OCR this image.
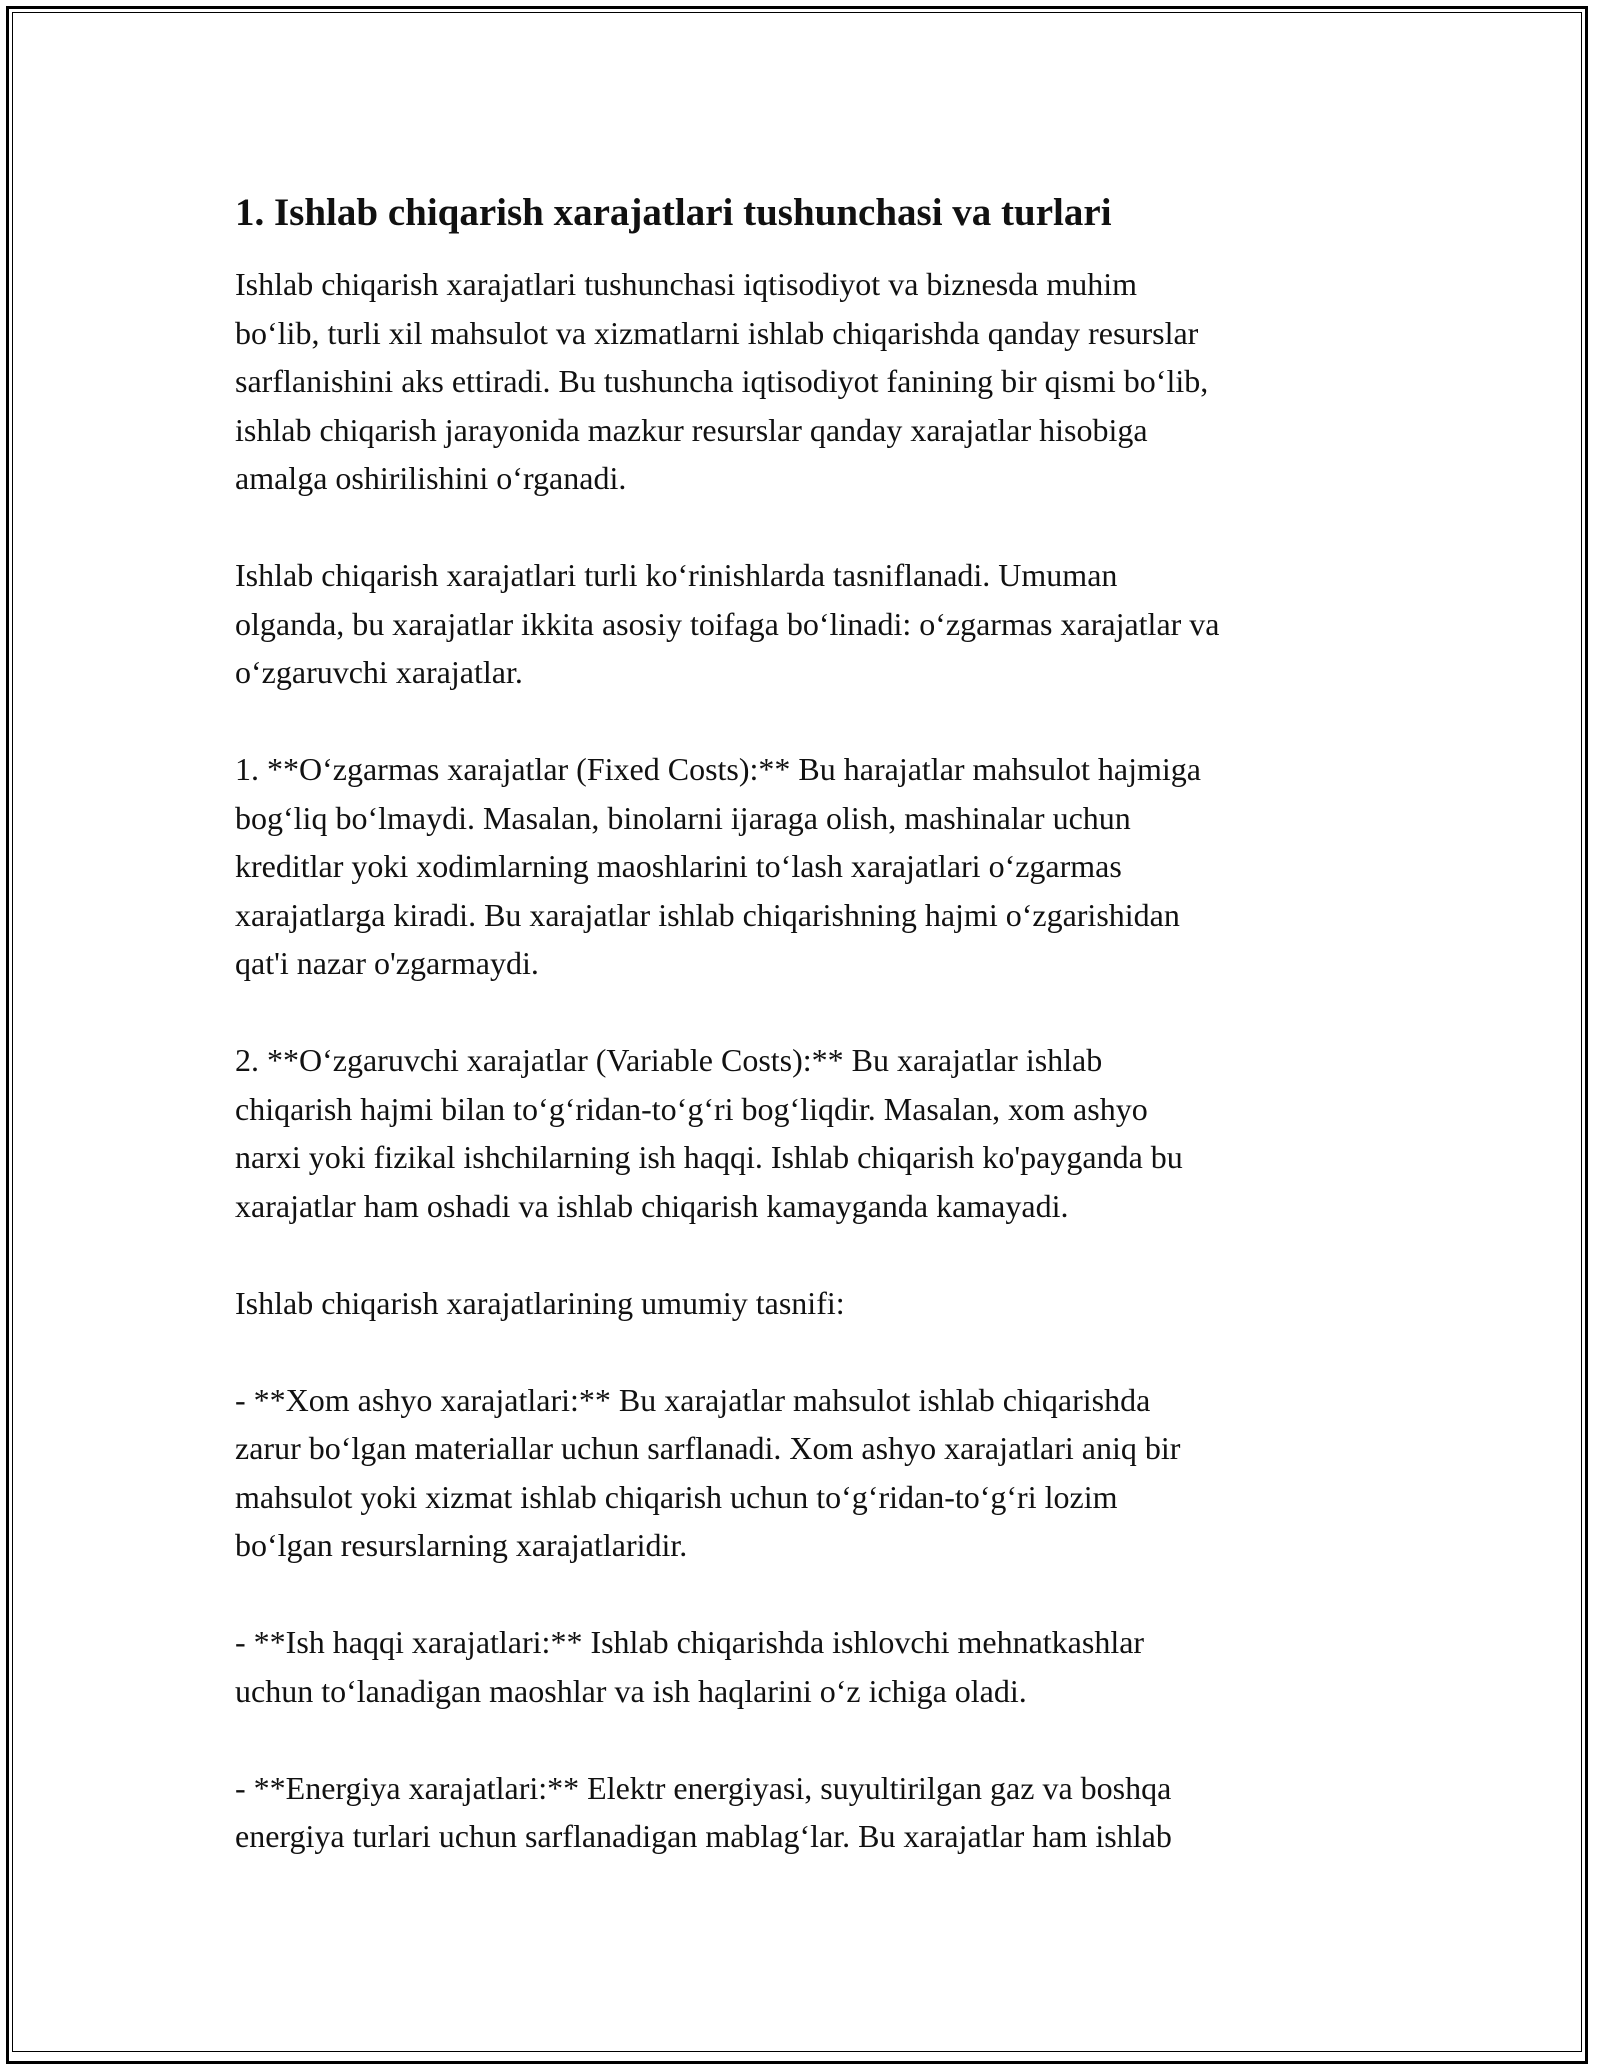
1. Ishlab chiqarish xarajatlari tushunchasi va turlari

Ishlab chiqarish xarajatlari tushunchasi iqtisodiyot va biznesda muhim
bo‘lib, turli xil mahsulot va xizmatlarni ishlab chiqarishda qanday resurslar
sarflanishini aks ettiradi. Bu tushuncha iqtisodiyot fanining bir qismi bo‘lib,
ishlab chiqarish jarayonida mazkur resurslar qanday xarajatlar hisobiga
amalga oshirilishini o‘rganadi.

Ishlab chiqarish xarajatlari turli ko‘rinishlarda tasniflanadi. Umuman
olganda, bu xarajatlar ikkita asosiy toifaga bo‘linadi: o‘zgarmas xarajatlar va
o‘zgaruvchi xarajatlar.

1. **O‘zgarmas xarajatlar (Fixed Costs):** Bu harajatlar mahsulot hajmiga
bog‘liq bo‘lmaydi. Masalan, binolarni ijaraga olish, mashinalar uchun
kreditlar yoki xodimlarning maoshlarini to‘lash xarajatlari o‘zgarmas
xarajatlarga kiradi. Bu xarajatlar ishlab chiqarishning hajmi o‘zgarishidan
qat'i nazar o'zgarmaydi.

2. **O‘zgaruvchi xarajatlar (Variable Costs):** Bu xarajatlar ishlab
chiqarish hajmi bilan to‘g‘ridan-to‘g‘ri bog‘liqdir. Masalan, xom ashyo
narxi yoki fizikal ishchilarning ish haqqi. Ishlab chiqarish ko'payganda bu
xarajatlar ham oshadi va ishlab chiqarish kamayganda kamayadi.

Ishlab chiqarish xarajatlarining umumiy tasnifi:

- **Xom ashyo xarajatlari:** Bu xarajatlar mahsulot ishlab chiqarishda
zarur bo‘lgan materiallar uchun sarflanadi. Xom ashyo xarajatlari aniq bir
mahsulot yoki xizmat ishlab chiqarish uchun to‘g‘ridan-to‘g‘ri lozim
bo‘lgan resurslarning xarajatlaridir.

- **Ish haqqi xarajatlari:** Ishlab chiqarishda ishlovchi mehnatkashlar
uchun to‘lanadigan maoshlar va ish haqlarini o‘z ichiga oladi.

- **Energiya xarajatlari:** Elektr energiyasi, suyultirilgan gaz va boshqa
energiya turlari uchun sarflanadigan mablag‘lar. Bu xarajatlar ham ishlab
